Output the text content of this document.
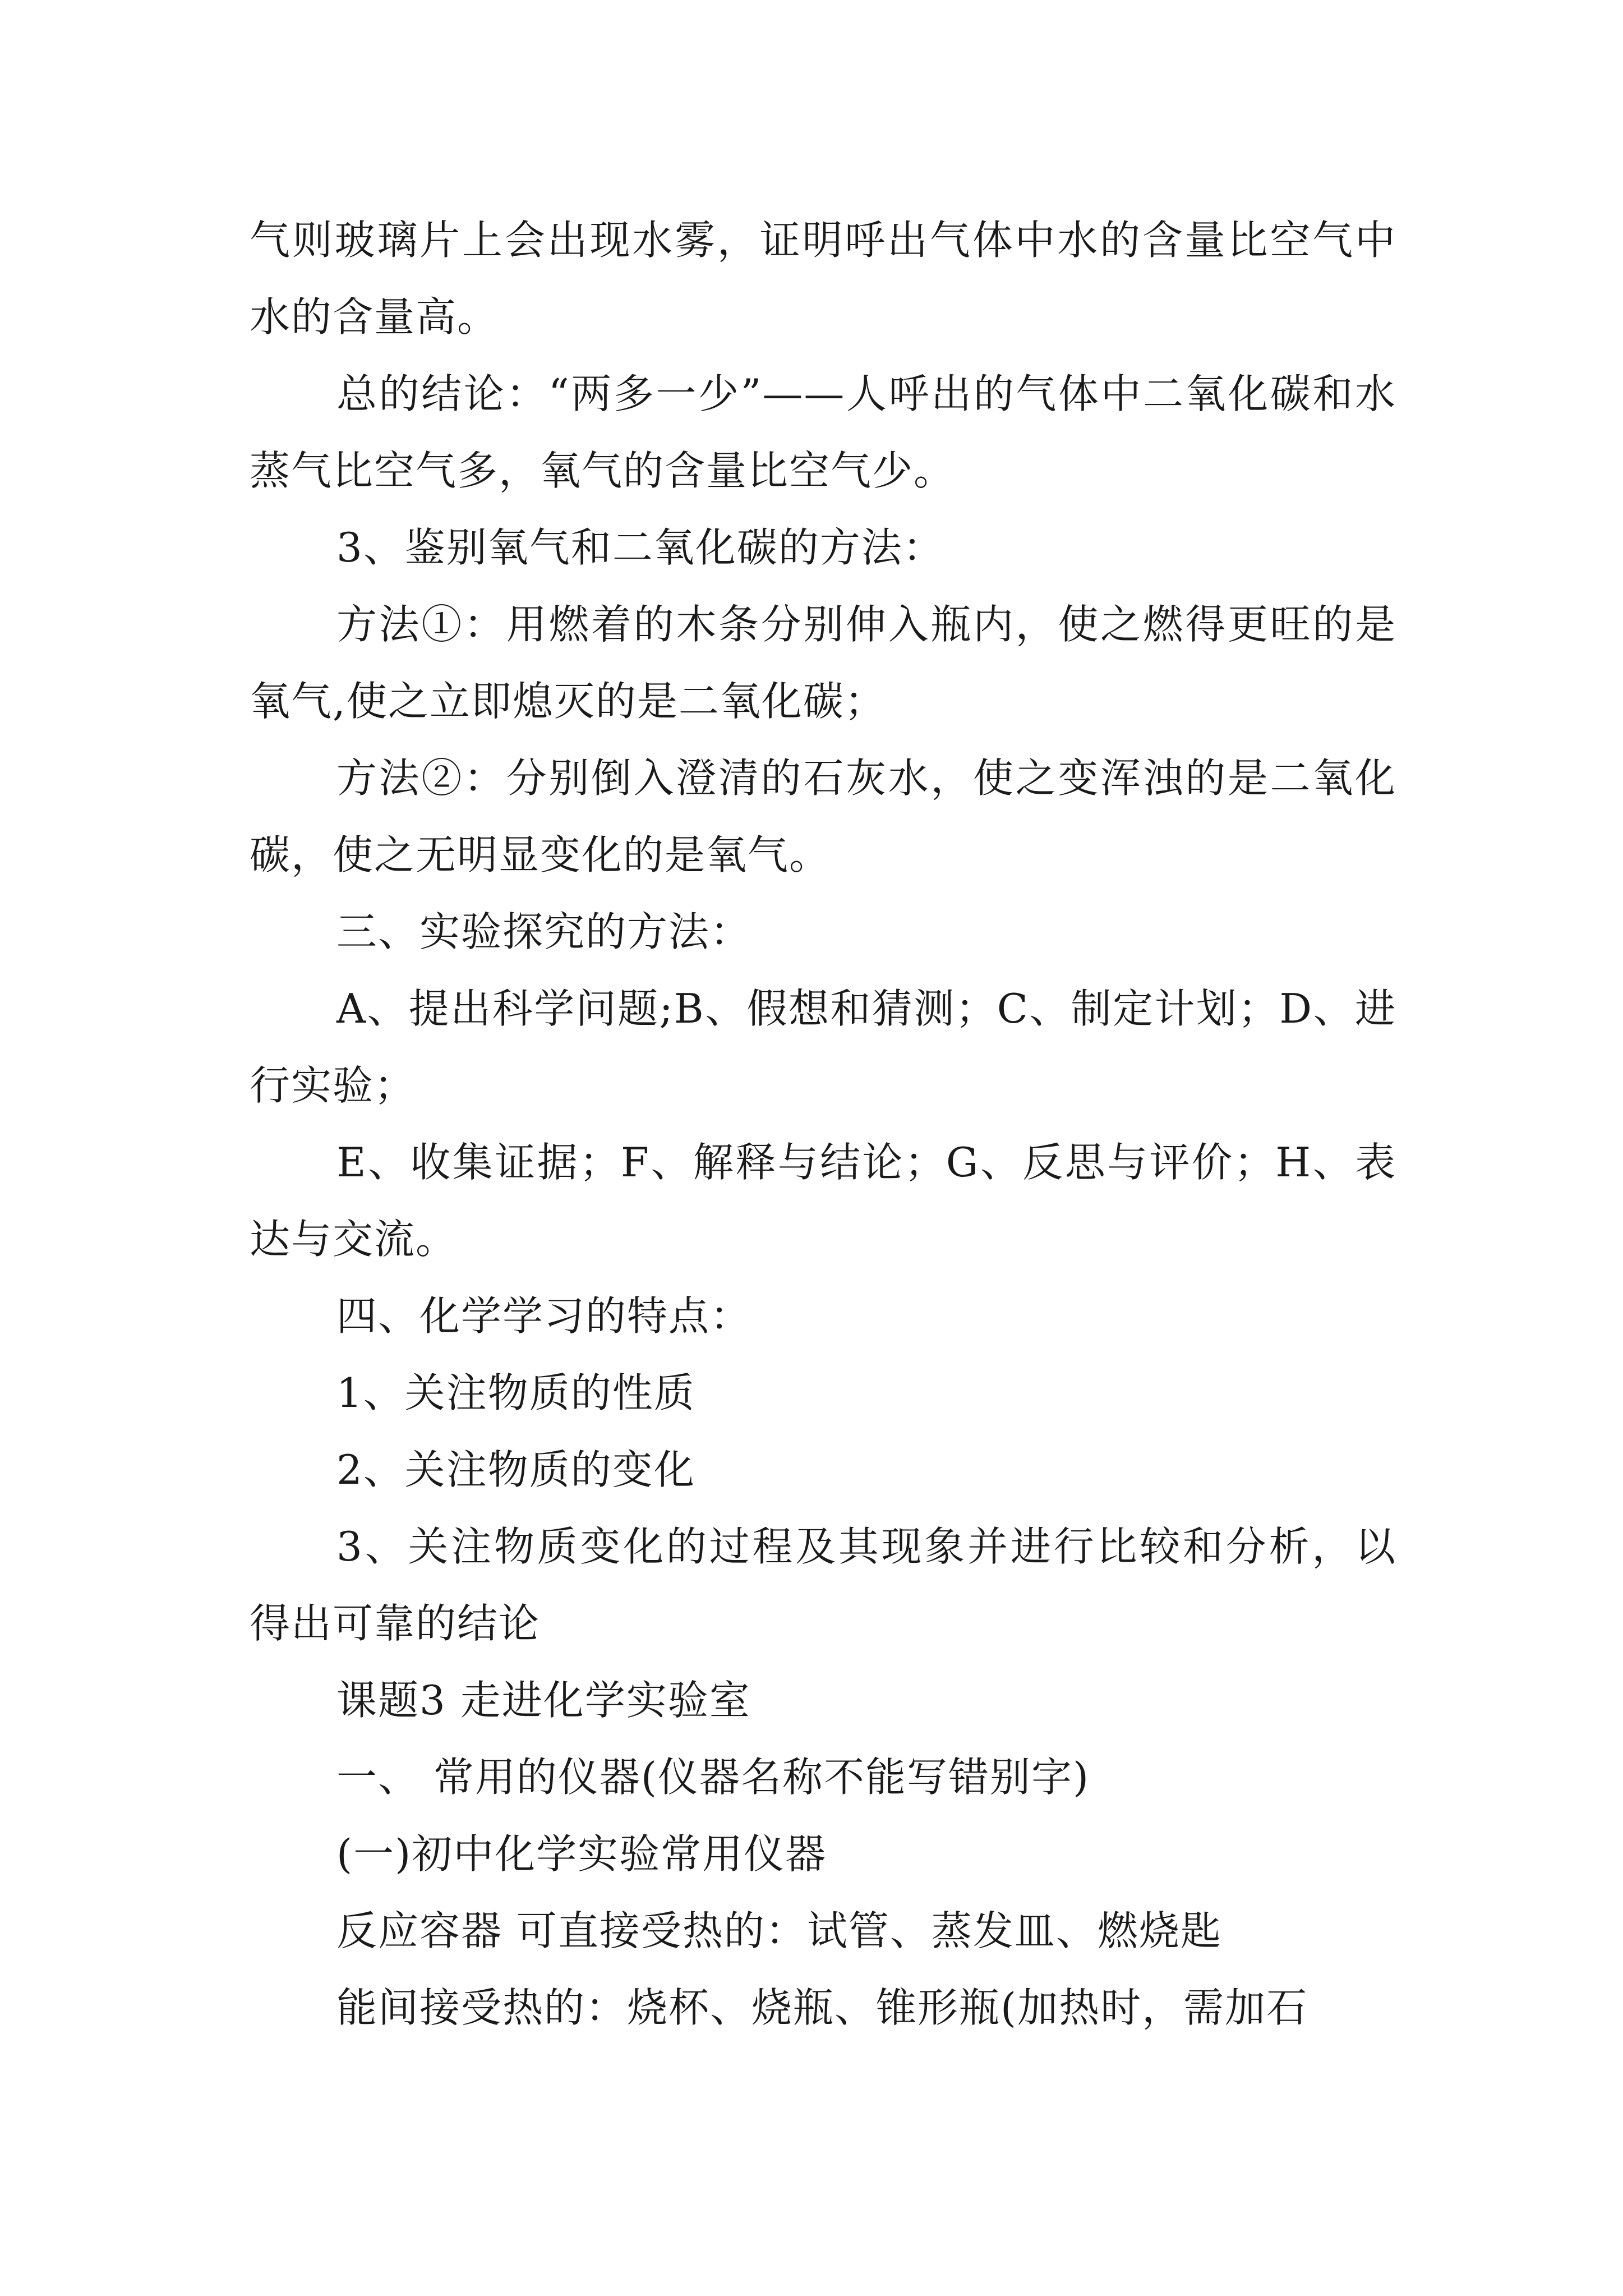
气则玻璃片上会出现水雾，证明呼出气体中水的含量比空气中水的含量高。

总的结论：“两多一少”——人呼出的气体中二氧化碳和水蒸气比空气多，氧气的含量比空气少。

3、鉴别氧气和二氧化碳的方法：

方法①：用燃着的木条分别伸入瓶内，使之燃得更旺的是氧气,使之立即熄灭的是二氧化碳；

方法②：分别倒入澄清的石灰水，使之变浑浊的是二氧化碳，使之无明显变化的是氧气。

三、实验探究的方法：

A、提出科学问题;B、假想和猜测；C、制定计划；D、进行实验；

E、收集证据；F、解释与结论；G、反思与评价；H、表达与交流。

四、化学学习的特点：

1、关注物质的性质

2、关注物质的变化

3、关注物质变化的过程及其现象并进行比较和分析，以得出可靠的结论

课题3 走进化学实验室

一、 常用的仪器(仪器名称不能写错别字)

(一)初中化学实验常用仪器

反应容器 可直接受热的：试管、蒸发皿、燃烧匙

能间接受热的：烧杯、烧瓶、锥形瓶(加热时，需加石
